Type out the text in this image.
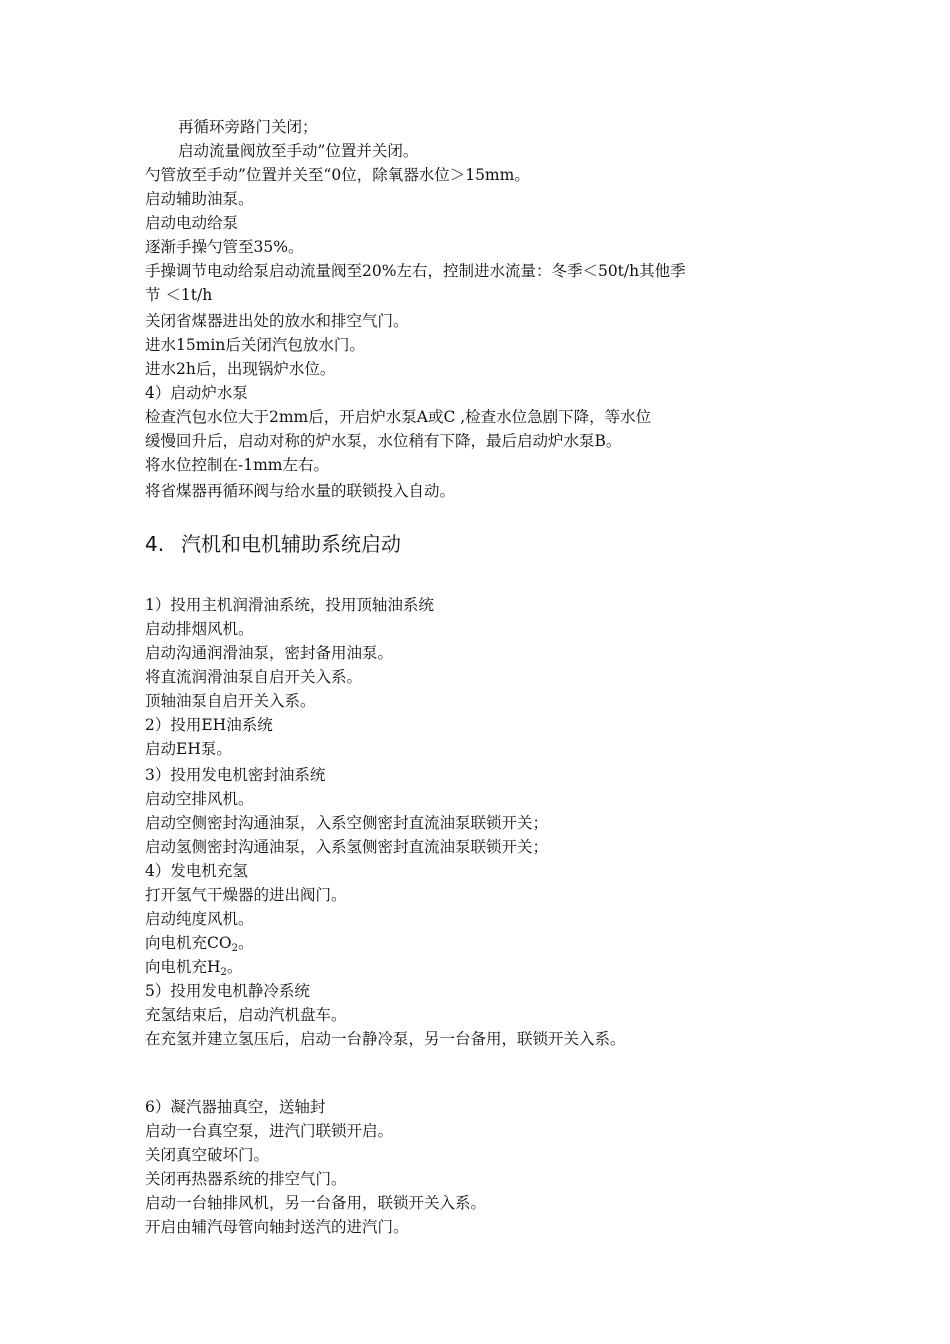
再循环旁路门关闭；

启动流量阀放至手动”位置并关闭。

勺管放至手动”位置并关至“0位，除氧器水位＞15mm。

启动辅助油泵。

启动电动给泵

逐渐手操勺管至35%。

手操调节电动给泵启动流量阀至20%左右，控制进水流量：冬季＜50t/h其他季

节 ＜1t/h

关闭省煤器进出处的放水和排空气门。

进水15min后关闭汽包放水门。

进水2h后，出现锅炉水位。

4）启动炉水泵

检查汽包水位大于2mm后，开启炉水泵A或C ,检查水位急剧下降，等水位

缓慢回升后，启动对称的炉水泵，水位稍有下降，最后启动炉水泵B。

将水位控制在-1mm左右。

将省煤器再循环阀与给水量的联锁投入自动。

4. 汽机和电机辅助系统启动

1）投用主机润滑油系统，投用顶轴油系统

启动排烟风机。

启动沟通润滑油泵，密封备用油泵。

将直流润滑油泵自启开关入系。

顶轴油泵自启开关入系。

2）投用EH油系统

启动EH泵。

3）投用发电机密封油系统

启动空排风机。

启动空侧密封沟通油泵，入系空侧密封直流油泵联锁开关；

启动氢侧密封沟通油泵，入系氢侧密封直流油泵联锁开关；

4）发电机充氢

打开氢气干燥器的进出阀门。

启动纯度风机。

向电机充$CO_2$。

向电机充$H_2$。

5）投用发电机静冷系统

充氢结束后，启动汽机盘车。

在充氢并建立氢压后，启动一台静冷泵，另一台备用，联锁开关入系。

6）凝汽器抽真空，送轴封

启动一台真空泵，进汽门联锁开启。

关闭真空破坏门。

关闭再热器系统的排空气门。

启动一台轴排风机，另一台备用，联锁开关入系。

开启由辅汽母管向轴封送汽的进汽门。
